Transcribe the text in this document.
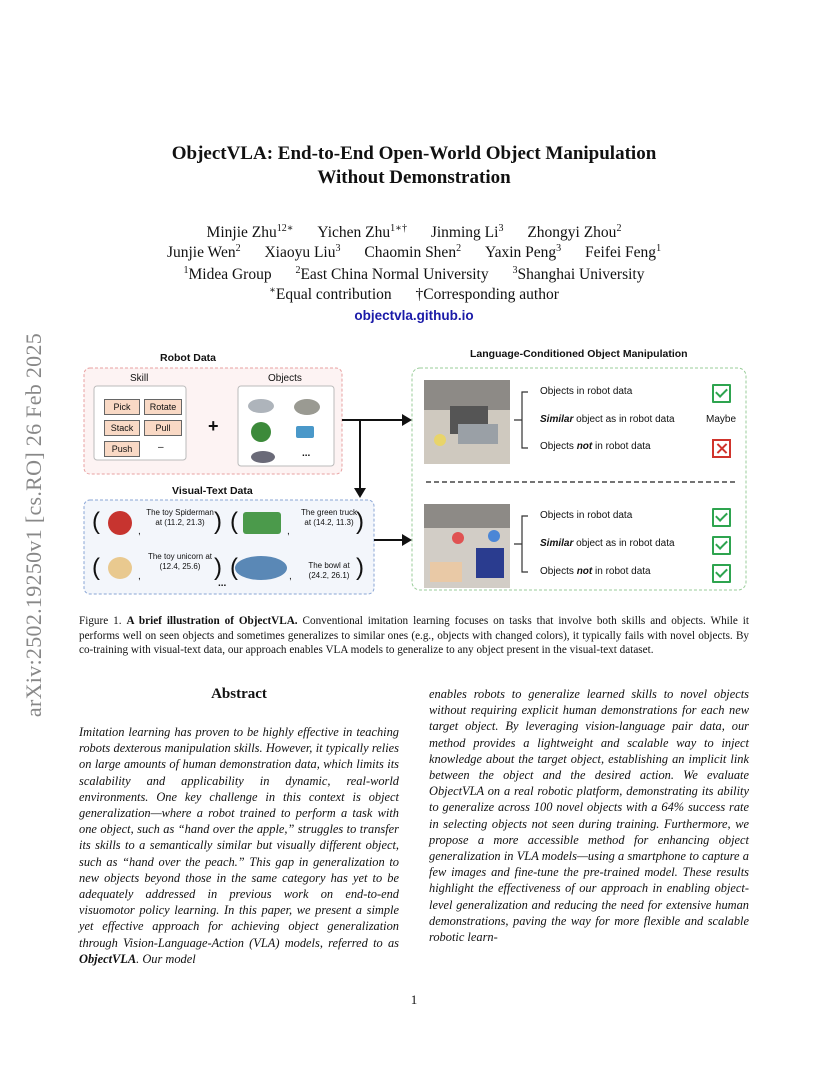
arXiv:2502.19250v1 [cs.RO] 26 Feb 2025
ObjectVLA: End-to-End Open-World Object Manipulation
Without Demonstration
Minjie Zhu$^{12∗}$ Yichen Zhu$^{1∗\dagger}$ Jinming Li$^3$ Zhongyi Zhou$^2$
Junjie Wen$^2$ Xiaoyu Liu$^3$ Chaomin Shen$^2$ Yaxin Peng$^3$ Feifei Feng$^1$
$^1$Midea Group $^2$East China Normal University $^3$Shanghai University
∗Equal contribution †Corresponding author
objectvla.github.io
Robot Data
Skill	Objects
Pick	Rotate
Stack	Pull
Push	–
+
...
Visual-Text Data
(	The toy Spiderman at (11.2, 21.3)
,	) (	The green truck at (14.2, 11.3)
,	)
(	The toy unicorn at (12.4, 25.6)
,	)
...
(	The bowl at (24.2, 26.1)
,	)
Language-Conditioned Object Manipulation
Objects in robot data
Similar object as in robot data
Objects not in robot data
Maybe
Objects in robot data
Similar object as in robot data
Objects not in robot data
Figure 1. A brief illustration of ObjectVLA. Conventional imitation learning focuses on tasks that involve both skills and objects. While it performs well on seen objects and sometimes generalizes to similar ones (e.g., objects with changed colors), it typically fails with novel objects. By co-training with visual-text data, our approach enables VLA models to generalize to any object present in the visual-text dataset.
Abstract
Imitation learning has proven to be highly effective in teaching robots dexterous manipulation skills. However, it typically relies on large amounts of human demonstration data, which limits its scalability and applicability in dynamic, real-world environments. One key challenge in this context is object generalization—where a robot trained to perform a task with one object, such as “hand over the apple,” struggles to transfer its skills to a semantically similar but visually different object, such as “hand over the peach.” This gap in generalization to new objects beyond those in the same category has yet to be adequately addressed in previous work on end-to-end visuomotor policy learning. In this paper, we present a simple yet effective approach for achieving object generalization through Vision-Language-Action (VLA) models, referred to as ObjectVLA. Our model
enables robots to generalize learned skills to novel objects without requiring explicit human demonstrations for each new target object. By leveraging vision-language pair data, our method provides a lightweight and scalable way to inject knowledge about the target object, establishing an implicit link between the object and the desired action. We evaluate ObjectVLA on a real robotic platform, demonstrating its ability to generalize across 100 novel objects with a 64% success rate in selecting objects not seen during training. Furthermore, we propose a more accessible method for enhancing object generalization in VLA models—using a smartphone to capture a few images and fine-tune the pre-trained model. These results highlight the effectiveness of our approach in enabling object-level generalization and reducing the need for extensive human demonstrations, paving the way for more flexible and scalable robotic learn-
1
